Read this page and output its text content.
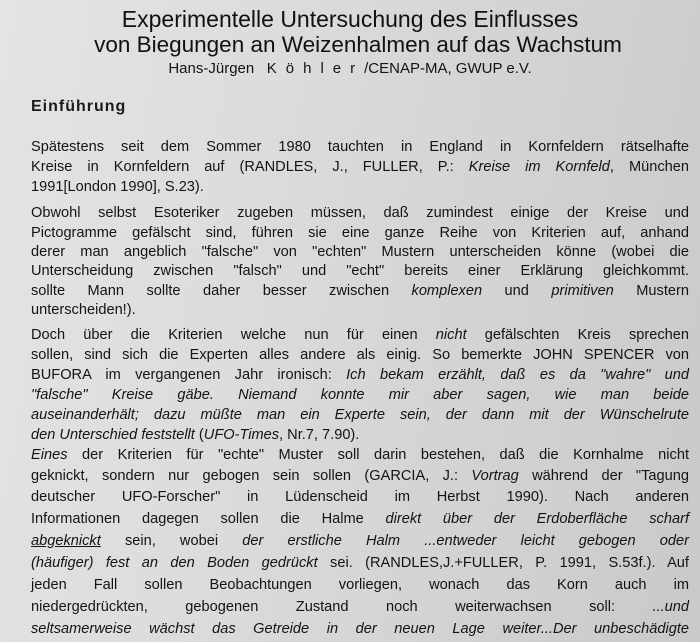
Experimentelle Untersuchung des Einflusses
von Biegungen an Weizenhalmen auf das Wachstum
Hans-Jürgen Köhler/CENAP-MA, GWUP e.V.
Einführung
Spätestens seit dem Sommer 1980 tauchten in England in Kornfeldern rätselhafte
Kreise in Kornfeldern auf (RANDLES, J., FULLER, P.: Kreise im Kornfeld, München
1991[London 1990], S.23).
Obwohl selbst Esoteriker zugeben müssen, daß zumindest einige der Kreise und
Pictogramme gefälscht sind, führen sie eine ganze Reihe von Kriterien auf, anhand
derer man angeblich "falsche" von "echten" Mustern unterscheiden könne (wobei die
Unterscheidung zwischen "falsch" und "echt" bereits einer Erklärung gleichkommt.
sollte Mann sollte daher besser zwischen komplexen und primitiven Mustern
unterscheiden!).
Doch über die Kriterien welche nun für einen nicht gefälschten Kreis sprechen
sollen, sind sich die Experten alles andere als einig. So bemerkte JOHN SPENCER von
BUFORA im vergangenen Jahr ironisch: Ich bekam erzählt, daß es da "wahre" und
"falsche" Kreise gäbe. Niemand konnte mir aber sagen, wie man beide
auseinanderhält; dazu müßte man ein Experte sein, der dann mit der Wünschelrute
den Unterschied feststellt (UFO-Times, Nr.7, 7.90).
Eines der Kriterien für "echte" Muster soll darin bestehen, daß die Kornhalme nicht
geknickt, sondern nur gebogen sein sollen (GARCIA, J.: Vortrag während der "Tagung
deutscher UFO-Forscher" in Lüdenscheid im Herbst 1990). Nach anderen
Informationen dagegen sollen die Halme direkt über der Erdoberfläche scharf
abgeknickt sein, wobei der erstliche Halm ...entweder leicht gebogen oder
(häufiger) fest an den Boden gedrückt sei. (RANDLES,J.+FULLER, P. 1991, S.53f.). Auf
jeden Fall sollen Beobachtungen vorliegen, wonach das Korn auch im
niedergedrückten, gebogenen Zustand noch weiterwachsen soll: ...und
seltsamerweise wächst das Getreide in der neuen Lage weiter...Der unbeschädigte
